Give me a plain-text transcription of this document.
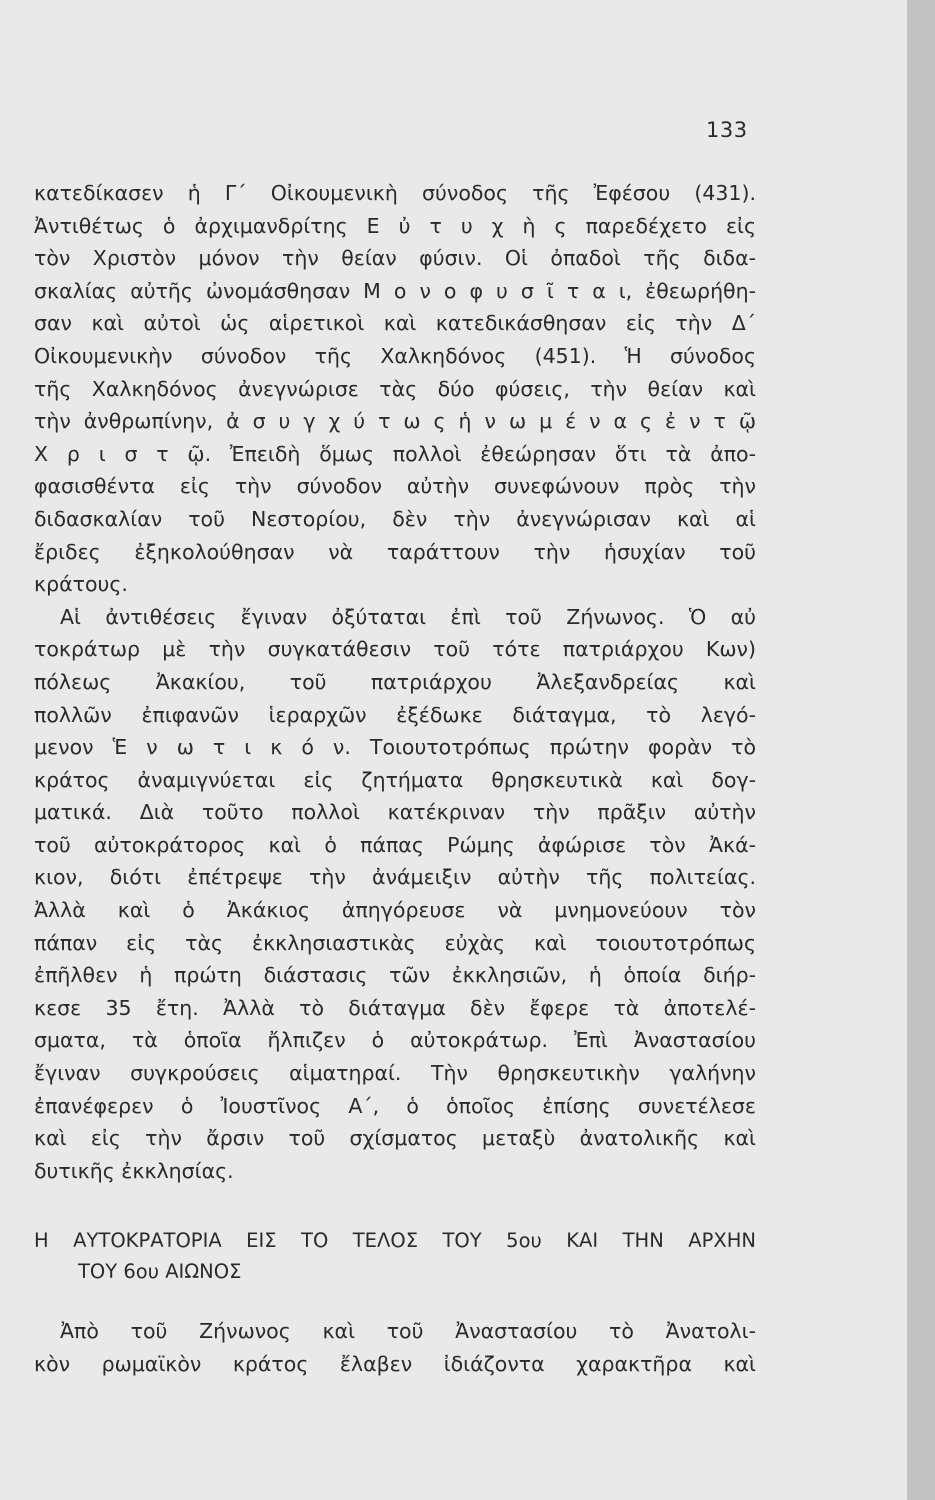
133
κατεδίκασεν ἡ Γ΄ Οἰκουμενικὴ σύνοδος τῆς Ἐφέσου (431).
Ἀντιθέτως ὁ ἀρχιμανδρίτης Ε ὐ τ υ χ ὴ ς παρεδέχετο εἰς
τὸν Χριστὸν μόνον τὴν θείαν φύσιν. Οἱ ὀπαδοὶ τῆς διδα-
σκαλίας αὐτῆς ὠνομάσθησαν Μ ο ν ο φ υ σ ῖ τ α ι, ἐθεωρήθη-
σαν καὶ αὐτοὶ ὡς αἱρετικοὶ καὶ κατεδικάσθησαν εἰς τὴν Δ΄
Οἰκουμενικὴν σύνοδον τῆς Χαλκηδόνος (451). Ἡ σύνοδος
τῆς Χαλκηδόνος ἀνεγνώρισε τὰς δύο φύσεις, τὴν θείαν καὶ
τὴν ἀνθρωπίνην, ἀ σ υ γ χ ύ τ ω ς ἡ ν ω μ έ ν α ς ἐ ν τ ῷ
Χ ρ ι σ τ ῷ. Ἐπειδὴ ὅμως πολλοὶ ἐθεώρησαν ὅτι τὰ ἀπο-
φασισθέντα εἰς τὴν σύνοδον αὐτὴν συνεφώνουν πρὸς τὴν
διδασκαλίαν τοῦ Νεστορίου, δὲν τὴν ἀνεγνώρισαν καὶ αἱ
ἔριδες ἐξηκολούθησαν νὰ ταράττουν τὴν ἡσυχίαν τοῦ
κράτους.
Αἱ ἀντιθέσεις ἔγιναν ὀξύταται ἐπὶ τοῦ Ζήνωνος. Ὁ αὐ
τοκράτωρ μὲ τὴν συγκατάθεσιν τοῦ τότε πατριάρχου Κων)
πόλεως Ἀκακίου, τοῦ πατριάρχου Ἀλεξανδρείας καὶ
πολλῶν ἐπιφανῶν ἱεραρχῶν ἐξέδωκε διάταγμα, τὸ λεγό-
μενον Ἑ ν ω τ ι κ ό ν. Τοιουτοτρόπως πρώτην φορὰν τὸ
κράτος ἀναμιγνύεται εἰς ζητήματα θρησκευτικὰ καὶ δογ-
ματικά. Διὰ τοῦτο πολλοὶ κατέκριναν τὴν πρᾶξιν αὐτὴν
τοῦ αὐτοκράτορος καὶ ὁ πάπας Ρώμης ἀφώρισε τὸν Ἀκά-
κιον, διότι ἐπέτρεψε τὴν ἀνάμειξιν αὐτὴν τῆς πολιτείας.
Ἀλλὰ καὶ ὁ Ἀκάκιος ἀπηγόρευσε νὰ μνημονεύουν τὸν
πάπαν εἰς τὰς ἐκκλησιαστικὰς εὐχὰς καὶ τοιουτοτρόπως
ἐπῆλθεν ἡ πρώτη διάστασις τῶν ἐκκλησιῶν, ἡ ὁποία διήρ-
κεσε 35 ἔτη. Ἀλλὰ τὸ διάταγμα δὲν ἔφερε τὰ ἀποτελέ-
σματα, τὰ ὁποῖα ἤλπιζεν ὁ αὐτοκράτωρ. Ἐπὶ Ἀναστασίου
ἔγιναν συγκρούσεις αἱματηραί. Τὴν θρησκευτικὴν γαλήνην
ἐπανέφερεν ὁ Ἰουστῖνος Α΄, ὁ ὁποῖος ἐπίσης συνετέλεσε
καὶ εἰς τὴν ἄρσιν τοῦ σχίσματος μεταξὺ ἀνατολικῆς καὶ
δυτικῆς ἐκκλησίας.
Η ΑΥΤΟΚΡΑΤΟΡΙΑ ΕΙΣ ΤΟ ΤΕΛΟΣ ΤΟΥ 5ου ΚΑΙ ΤΗΝ ΑΡΧΗΝ
ΤΟΥ 6ου ΑΙΩΝΟΣ
Ἀπὸ τοῦ Ζήνωνος καὶ τοῦ Ἀναστασίου τὸ Ἀνατολι-
κὸν ρωμαϊκὸν κράτος ἔλαβεν ἰδιάζοντα χαρακτῆρα καὶ
